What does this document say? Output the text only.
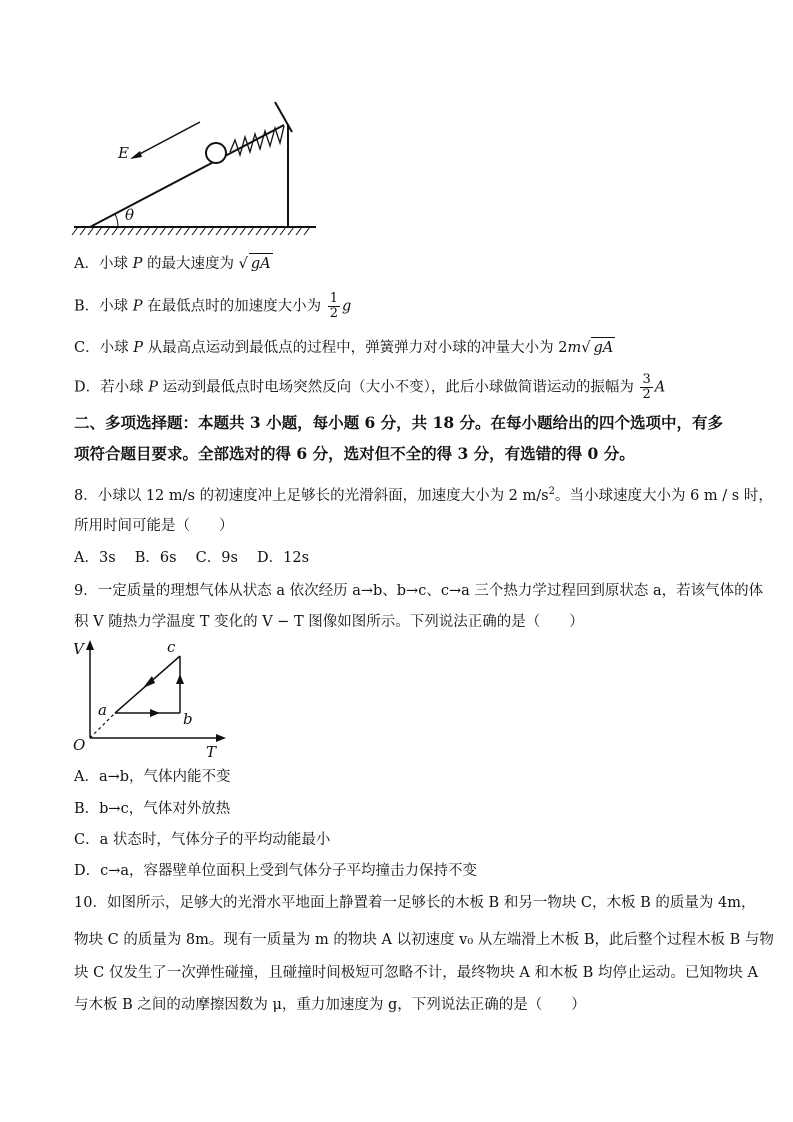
E
θ
A．小球 P 的最大速度为 √ gA
B．小球 P 在最低点时的加速度大小为 $\frac{1}{2}$ g
C．小球 P 从最高点运动到最低点的过程中，弹簧弹力对小球的冲量大小为 2m√ gA
D．若小球 P 运动到最低点时电场突然反向（大小不变），此后小球做简谐运动的振幅为 $\frac{3}{2}$ A
二、多项选择题：本题共 3 小题，每小题 6 分，共 18 分。在每小题给出的四个选项中，有多
项符合题目要求。全部选对的得 6 分，选对但不全的得 3 分，有选错的得 0 分。
8．小球以 12 m/s 的初速度冲上足够长的光滑斜面，加速度大小为 2 $m/s^2$。当小球速度大小为 6 m / s 时，
所用时间可能是（　　）
A．3s　 B．6s　 C．9s　 D．12s
9．一定质量的理想气体从状态 a 依次经历 a→b、b→c、c→a 三个热力学过程回到原状态 a，若该气体的体
积 V 随热力学温度 T 变化的 V − T 图像如图所示。下列说法正确的是（　　）
V
T
O
a	b
c
A．a→b，气体内能不变
B．b→c，气体对外放热
C．a 状态时，气体分子的平均动能最小
D．c→a，容器壁单位面积上受到气体分子平均撞击力保持不变
10．如图所示，足够大的光滑水平地面上静置着一足够长的木板 B 和另一物块 C，木板 B 的质量为 4m，
物块 C 的质量为 8m。现有一质量为 m 的物块 A 以初速度 v₀ 从左端滑上木板 B，此后整个过程木板 B 与物
块 C 仅发生了一次弹性碰撞，且碰撞时间极短可忽略不计，最终物块 A 和木板 B 均停止运动。已知物块 A
与木板 B 之间的动摩擦因数为 μ，重力加速度为 g，下列说法正确的是（　　）
